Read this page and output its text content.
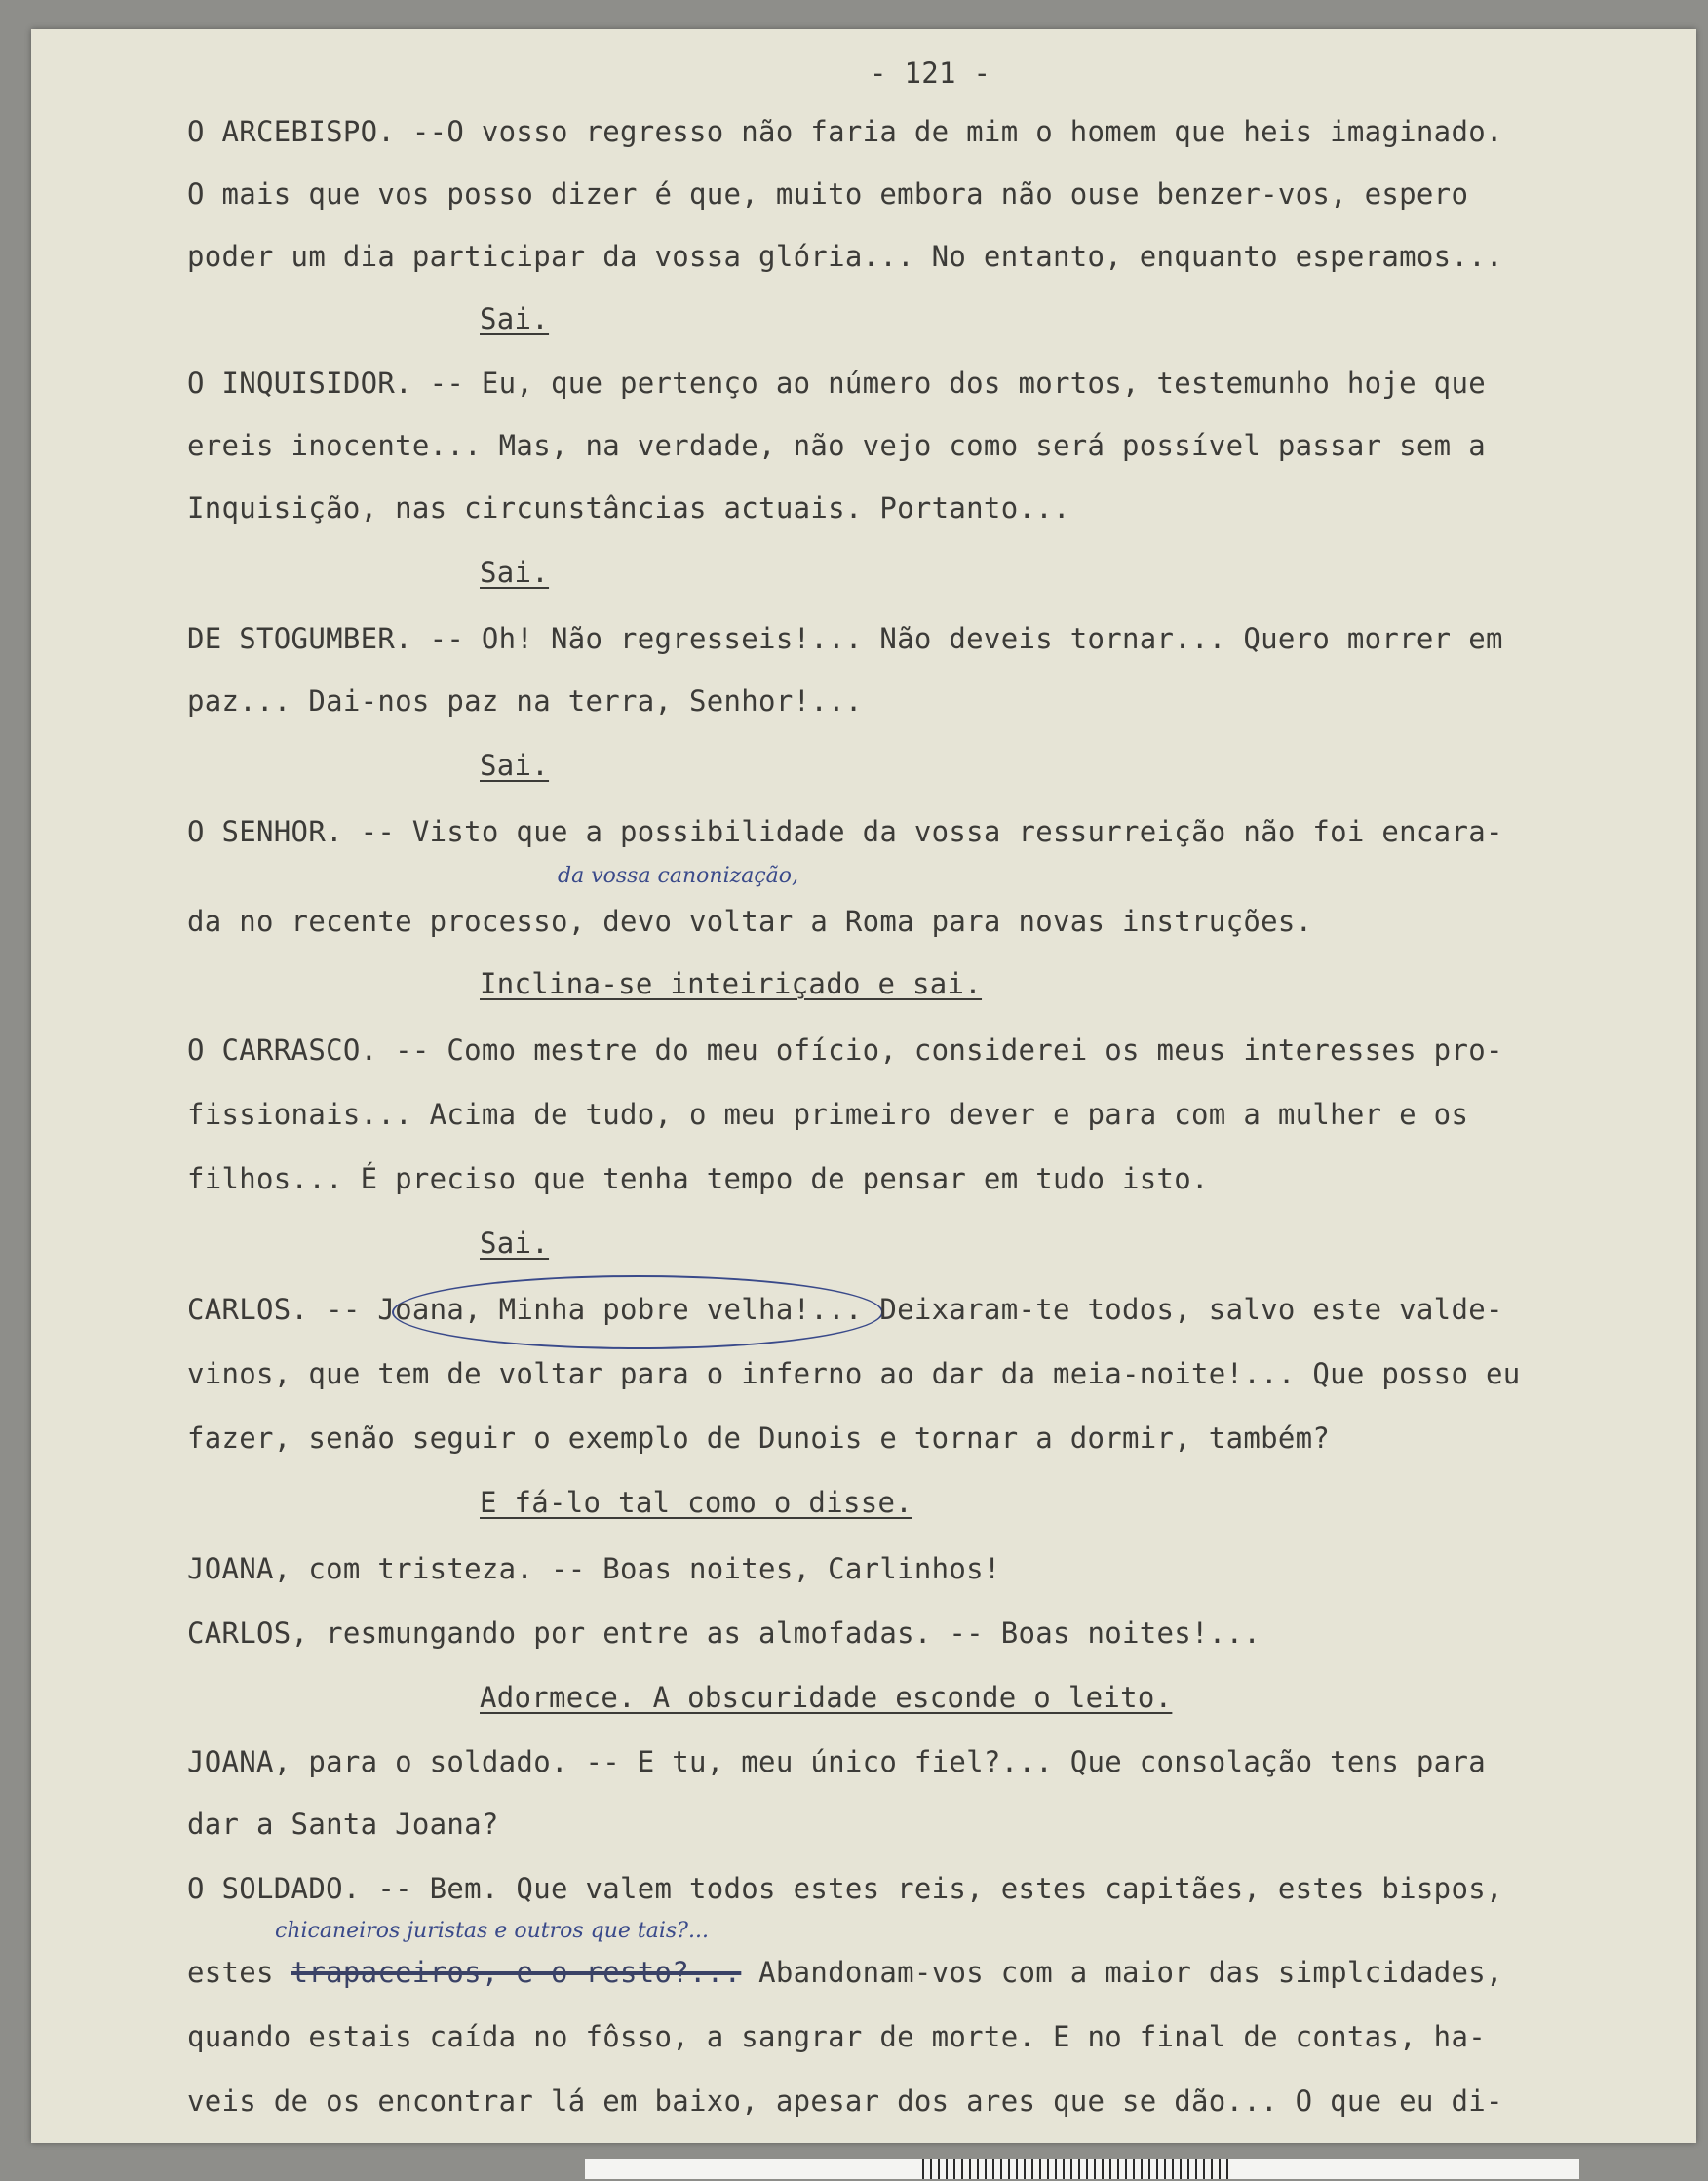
- 121 -
O ARCEBISPO. --O vosso regresso não faria de mim o homem que heis imaginado.
O mais que vos posso dizer é que, muito embora não ouse benzer-vos, espero
poder um dia participar da vossa glória... No entanto, enquanto esperamos...
Sai.
O INQUISIDOR. -- Eu, que pertenço ao número dos mortos, testemunho hoje que
ereis inocente... Mas, na verdade, não vejo como será possível passar sem a
Inquisição, nas circunstâncias actuais. Portanto...
Sai.
DE STOGUMBER. -- Oh! Não regresseis!... Não deveis tornar... Quero morrer em
paz... Dai-nos paz na terra, Senhor!...
Sai.
O SENHOR. -- Visto que a possibilidade da vossa ressurreição não foi encara-
da vossa canonização,
da no recente processo, devo voltar a Roma para novas instruções.
Inclina-se inteiriçado e sai.
O CARRASCO. -- Como mestre do meu ofício, considerei os meus interesses pro-
fissionais... Acima de tudo, o meu primeiro dever e para com a mulher e os
filhos... É preciso que tenha tempo de pensar em tudo isto.
Sai.
CARLOS. -- Joana, Minha pobre velha!... Deixaram-te todos, salvo este valde-
vinos, que tem de voltar para o inferno ao dar da meia-noite!... Que posso eu
fazer, senão seguir o exemplo de Dunois e tornar a dormir, também?
E fá-lo tal como o disse.
JOANA, com tristeza. -- Boas noites, Carlinhos!
CARLOS, resmungando por entre as almofadas. -- Boas noites!...
Adormece. A obscuridade esconde o leito.
JOANA, para o soldado. -- E tu, meu único fiel?... Que consolação tens para
dar a Santa Joana?
O SOLDADO. -- Bem. Que valem todos estes reis, estes capitães, estes bispos,
chicaneiros juristas e outros que tais?...
estes trapaceiros, e o resto?... Abandonam-vos com a maior das simplcidades,
quando estais caída no fôsso, a sangrar de morte. E no final de contas, ha-
veis de os encontrar lá em baixo, apesar dos ares que se dão... O que eu di-
